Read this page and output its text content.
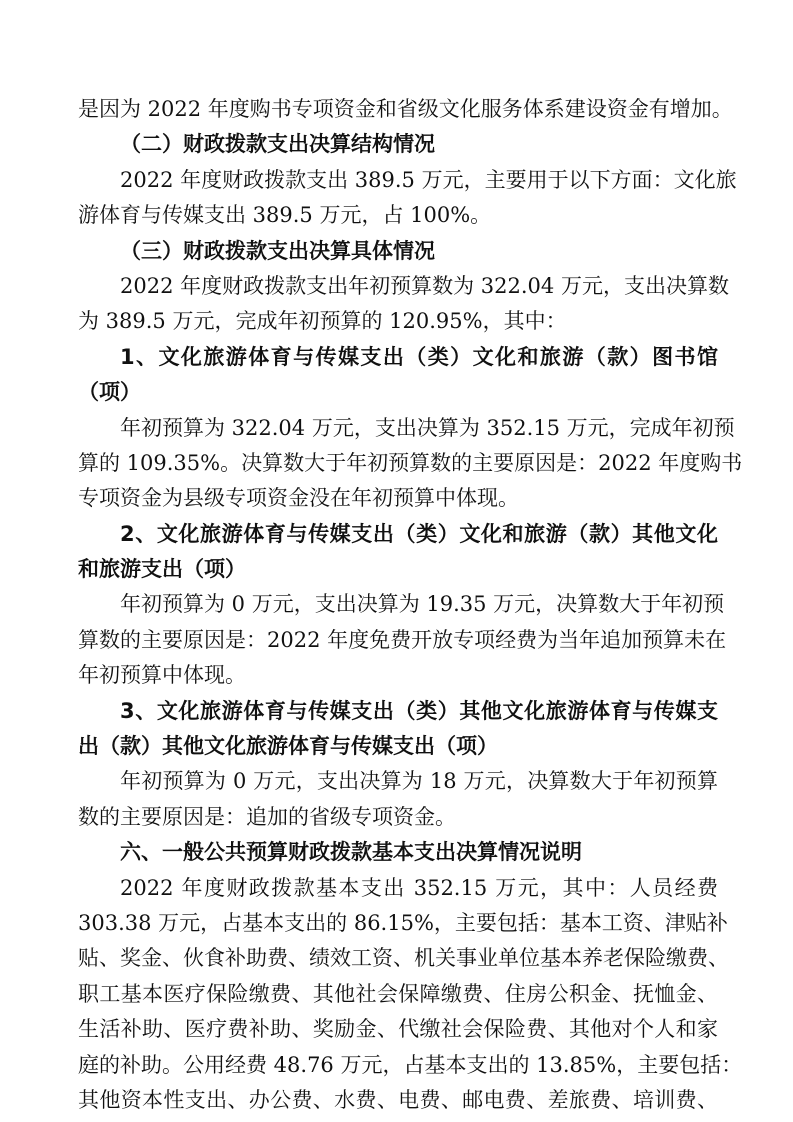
是因为 2022 年度购书专项资金和省级文化服务体系建设资金有增加。
（二）财政拨款支出决算结构情况
2022 年度财政拨款支出 389.5 万元，主要用于以下方面：文化旅
游体育与传媒支出 389.5 万元，占 100%。
（三）财政拨款支出决算具体情况
2022 年度财政拨款支出年初预算数为 322.04 万元，支出决算数
为 389.5 万元，完成年初预算的 120.95%，其中：
1、文化旅游体育与传媒支出（类）文化和旅游（款）图书馆
（项）
年初预算为 322.04 万元，支出决算为 352.15 万元，完成年初预
算的 109.35%。决算数大于年初预算数的主要原因是：2022 年度购书
专项资金为县级专项资金没在年初预算中体现。
2、文化旅游体育与传媒支出（类）文化和旅游（款）其他文化
和旅游支出（项）
年初预算为 0 万元，支出决算为 19.35 万元，决算数大于年初预
算数的主要原因是：2022 年度免费开放专项经费为当年追加预算未在
年初预算中体现。
3、文化旅游体育与传媒支出（类）其他文化旅游体育与传媒支
出（款）其他文化旅游体育与传媒支出（项）
年初预算为 0 万元，支出决算为 18 万元，决算数大于年初预算
数的主要原因是：追加的省级专项资金。
六、一般公共预算财政拨款基本支出决算情况说明
2022 年度财政拨款基本支出 352.15 万元，其中：人员经费
303.38 万元，占基本支出的 86.15%，主要包括：基本工资、津贴补
贴、奖金、伙食补助费、绩效工资、机关事业单位基本养老保险缴费、
职工基本医疗保险缴费、其他社会保障缴费、住房公积金、抚恤金、
生活补助、医疗费补助、奖励金、代缴社会保险费、其他对个人和家
庭的补助。公用经费 48.76 万元，占基本支出的 13.85%，主要包括：
其他资本性支出、办公费、水费、电费、邮电费、差旅费、培训费、
